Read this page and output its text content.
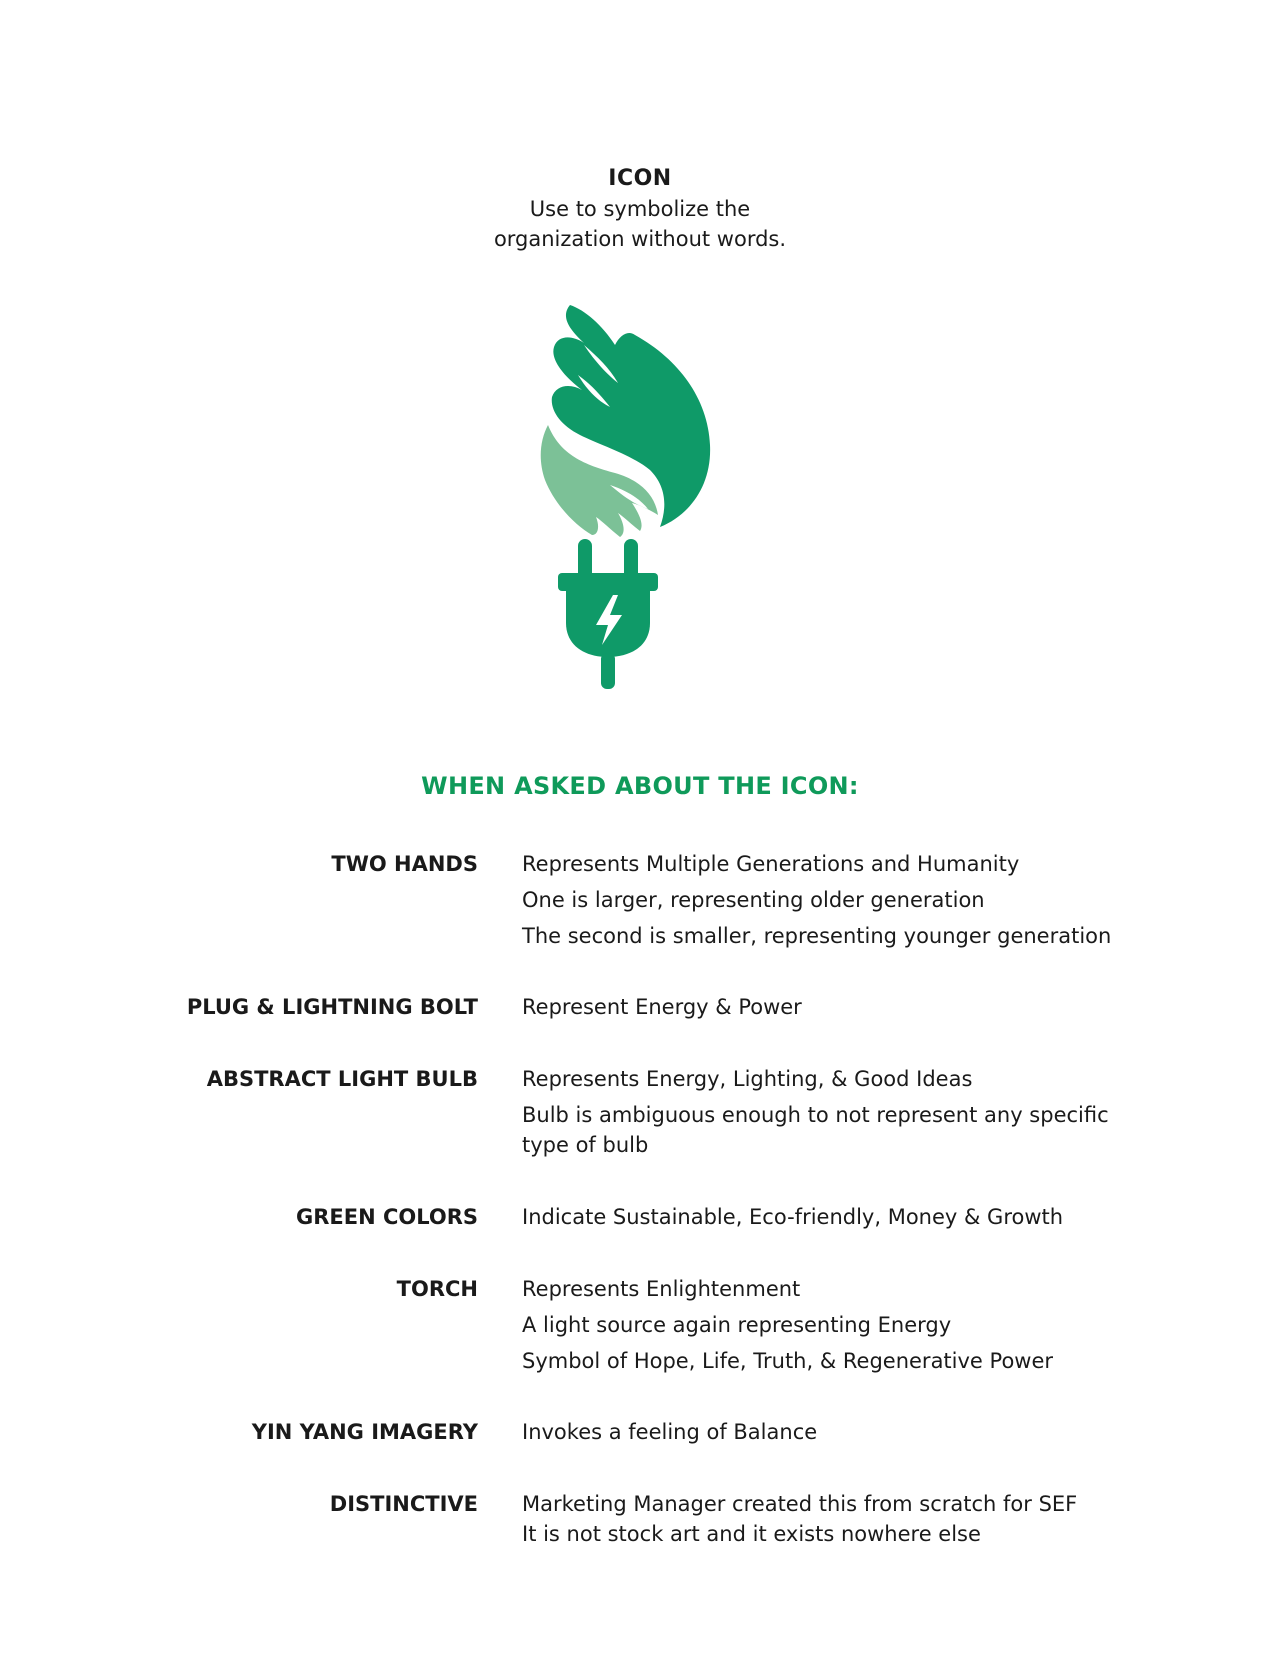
ICON
Use to symbolize the
organization without words.
WHEN ASKED ABOUT THE ICON:
TWO HANDS Represents Multiple Generations and Humanity
One is larger, representing older generation
The second is smaller, representing younger generation
PLUG & LIGHTNING BOLT Represent Energy & Power
ABSTRACT LIGHT BULB Represents Energy, Lighting, & Good Ideas
Bulb is ambiguous enough to not represent any specific
type of bulb
GREEN COLORS Indicate Sustainable, Eco-friendly, Money & Growth
TORCH Represents Enlightenment
A light source again representing Energy
Symbol of Hope, Life, Truth, & Regenerative Power
YIN YANG IMAGERY Invokes a feeling of Balance
DISTINCTIVE Marketing Manager created this from scratch for SEF
It is not stock art and it exists nowhere else
